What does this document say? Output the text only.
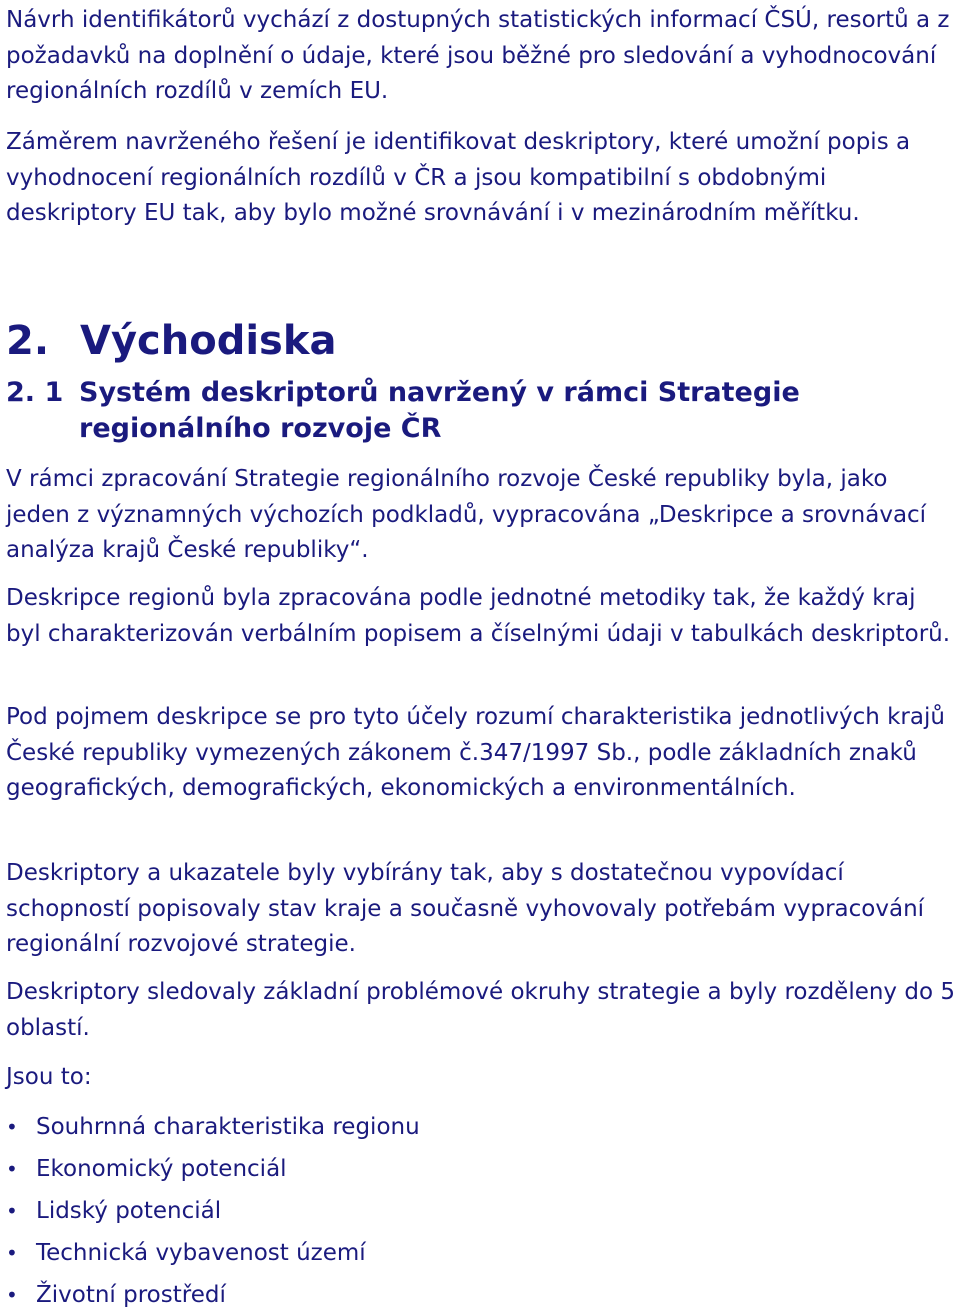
Návrh identifikátorů vychází z dostupných statistických informací ČSÚ, resortů a z požadavků na doplnění o údaje, které jsou běžné pro sledování a vyhodnocování regionálních rozdílů v zemích EU.

Záměrem navrženého řešení je identifikovat deskriptory, které umožní popis a vyhodnocení regionálních rozdílů v ČR a jsou kompatibilní s obdobnými deskriptory EU tak, aby bylo možné srovnávání i v mezinárodním měřítku.

2. Východiska
2. 1 Systém deskriptorů navržený v rámci Strategie regionálního rozvoje ČR

V rámci zpracování Strategie regionálního rozvoje České republiky byla, jako jeden z významných výchozích podkladů, vypracována „Deskripce a srovnávací analýza krajů České republiky“.

Deskripce regionů byla zpracována podle jednotné metodiky tak, že každý kraj byl charakterizován verbálním popisem a číselnými údaji v tabulkách deskriptorů.

Pod pojmem deskripce se pro tyto účely rozumí charakteristika jednotlivých krajů České republiky vymezených zákonem č.347/1997 Sb., podle základních znaků geografických, demografických, ekonomických a environmentálních.

Deskriptory a ukazatele byly vybírány tak, aby s dostatečnou vypovídací schopností popisovaly stav kraje a současně vyhovovaly potřebám vypracování regionální rozvojové strategie.

Deskriptory sledovaly základní problémové okruhy strategie a byly rozděleny do 5 oblastí.

Jsou to:

• Souhrnná charakteristika regionu
• Ekonomický potenciál
• Lidský potenciál
• Technická vybavenost území
• Životní prostředí
